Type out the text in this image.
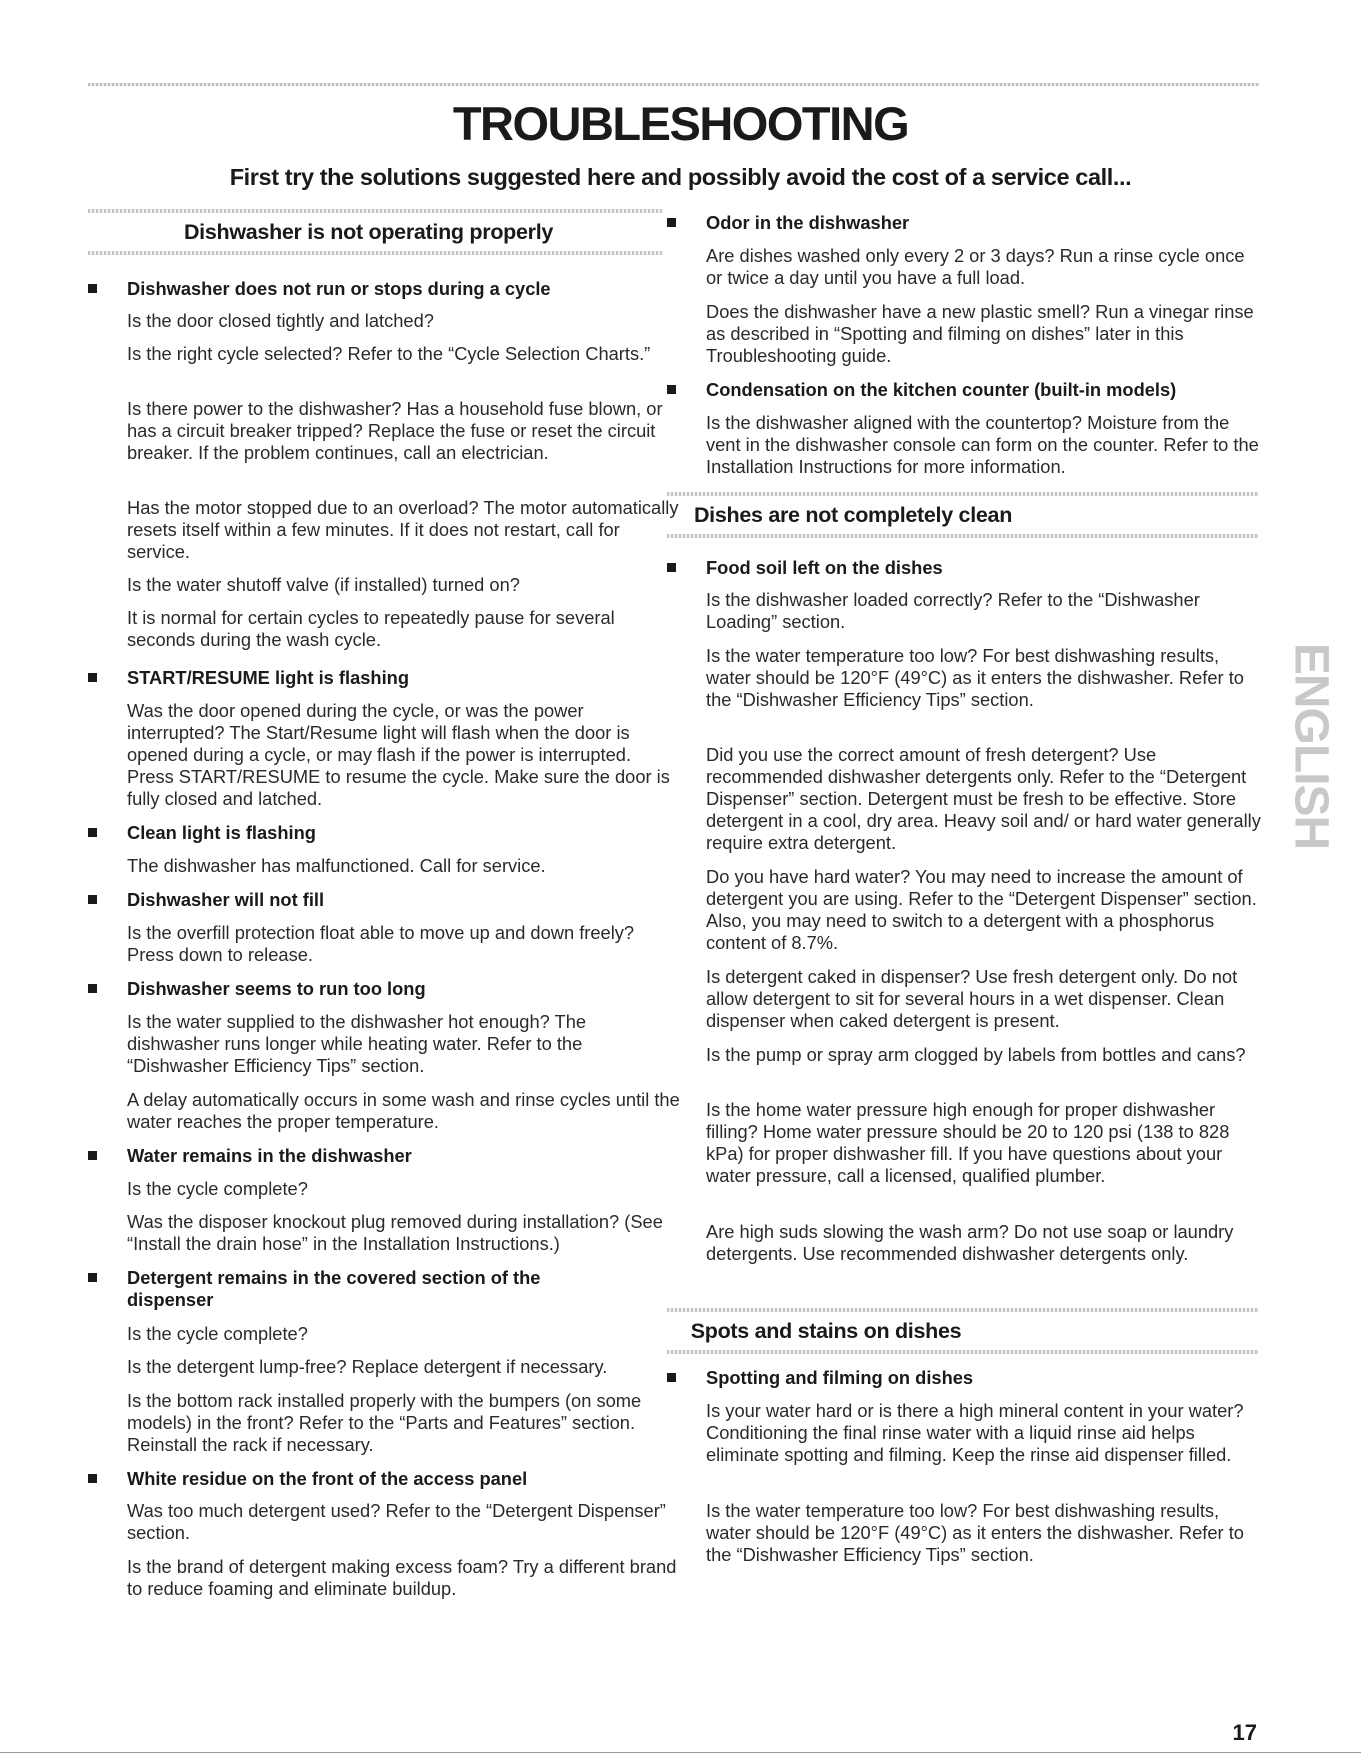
TROUBLESHOOTING

First try the solutions suggested here and possibly avoid the cost of a service call...

Dishwasher is not operating properly
Dishwasher does not run or stops during a cycle
Is the door closed tightly and latched?
Is the right cycle selected? Refer to the “Cycle Selection Charts.”
Is there power to the dishwasher? Has a household fuse blown, or has a circuit breaker tripped? Replace the fuse or reset the circuit breaker. If the problem continues, call an electrician.
Has the motor stopped due to an overload? The motor automatically resets itself within a few minutes. If it does not restart, call for service.
Is the water shutoff valve (if installed) turned on?
It is normal for certain cycles to repeatedly pause for several seconds during the wash cycle.
START/RESUME light is flashing
Was the door opened during the cycle, or was the power interrupted? The Start/Resume light will flash when the door is opened during a cycle, or may flash if the power is interrupted. Press START/RESUME to resume the cycle. Make sure the door is fully closed and latched.
Clean light is flashing
The dishwasher has malfunctioned. Call for service.
Dishwasher will not fill
Is the overfill protection float able to move up and down freely? Press down to release.
Dishwasher seems to run too long
Is the water supplied to the dishwasher hot enough? The dishwasher runs longer while heating water. Refer to the “Dishwasher Efficiency Tips” section.
A delay automatically occurs in some wash and rinse cycles until the water reaches the proper temperature.
Water remains in the dishwasher
Is the cycle complete?
Was the disposer knockout plug removed during installation? (See “Install the drain hose” in the Installation Instructions.)
Detergent remains in the covered section of the dispenser
Is the cycle complete?
Is the detergent lump-free? Replace detergent if necessary.
Is the bottom rack installed properly with the bumpers (on some models) in the front? Refer to the “Parts and Features” section. Reinstall the rack if necessary.
White residue on the front of the access panel
Was too much detergent used? Refer to the “Detergent Dispenser” section.
Is the brand of detergent making excess foam? Try a different brand to reduce foaming and eliminate buildup.
Odor in the dishwasher
Are dishes washed only every 2 or 3 days? Run a rinse cycle once or twice a day until you have a full load.
Does the dishwasher have a new plastic smell? Run a vinegar rinse as described in “Spotting and filming on dishes” later in this Troubleshooting guide.
Condensation on the kitchen counter (built-in models)
Is the dishwasher aligned with the countertop? Moisture from the vent in the dishwasher console can form on the counter. Refer to the Installation Instructions for more information.
Dishes are not completely clean
Food soil left on the dishes
Is the dishwasher loaded correctly? Refer to the “Dishwasher Loading” section.
Is the water temperature too low? For best dishwashing results, water should be 120°F (49°C) as it enters the dishwasher. Refer to the “Dishwasher Efficiency Tips” section.
Did you use the correct amount of fresh detergent? Use recommended dishwasher detergents only. Refer to the “Detergent Dispenser” section. Detergent must be fresh to be effective. Store detergent in a cool, dry area. Heavy soil and/ or hard water generally require extra detergent.
Do you have hard water? You may need to increase the amount of detergent you are using. Refer to the “Detergent Dispenser” section. Also, you may need to switch to a detergent with a phosphorus content of 8.7%.
Is detergent caked in dispenser? Use fresh detergent only. Do not allow detergent to sit for several hours in a wet dispenser. Clean dispenser when caked detergent is present.
Is the pump or spray arm clogged by labels from bottles and cans?
Is the home water pressure high enough for proper dishwasher filling? Home water pressure should be 20 to 120 psi (138 to 828 kPa) for proper dishwasher fill. If you have questions about your water pressure, call a licensed, qualified plumber.
Are high suds slowing the wash arm? Do not use soap or laundry detergents. Use recommended dishwasher detergents only.
Spots and stains on dishes
Spotting and filming on dishes
Is your water hard or is there a high mineral content in your water? Conditioning the final rinse water with a liquid rinse aid helps eliminate spotting and filming. Keep the rinse aid dispenser filled.
Is the water temperature too low? For best dishwashing results, water should be 120°F (49°C) as it enters the dishwasher. Refer to the “Dishwasher Efficiency Tips” section.
ENGLISH
17
